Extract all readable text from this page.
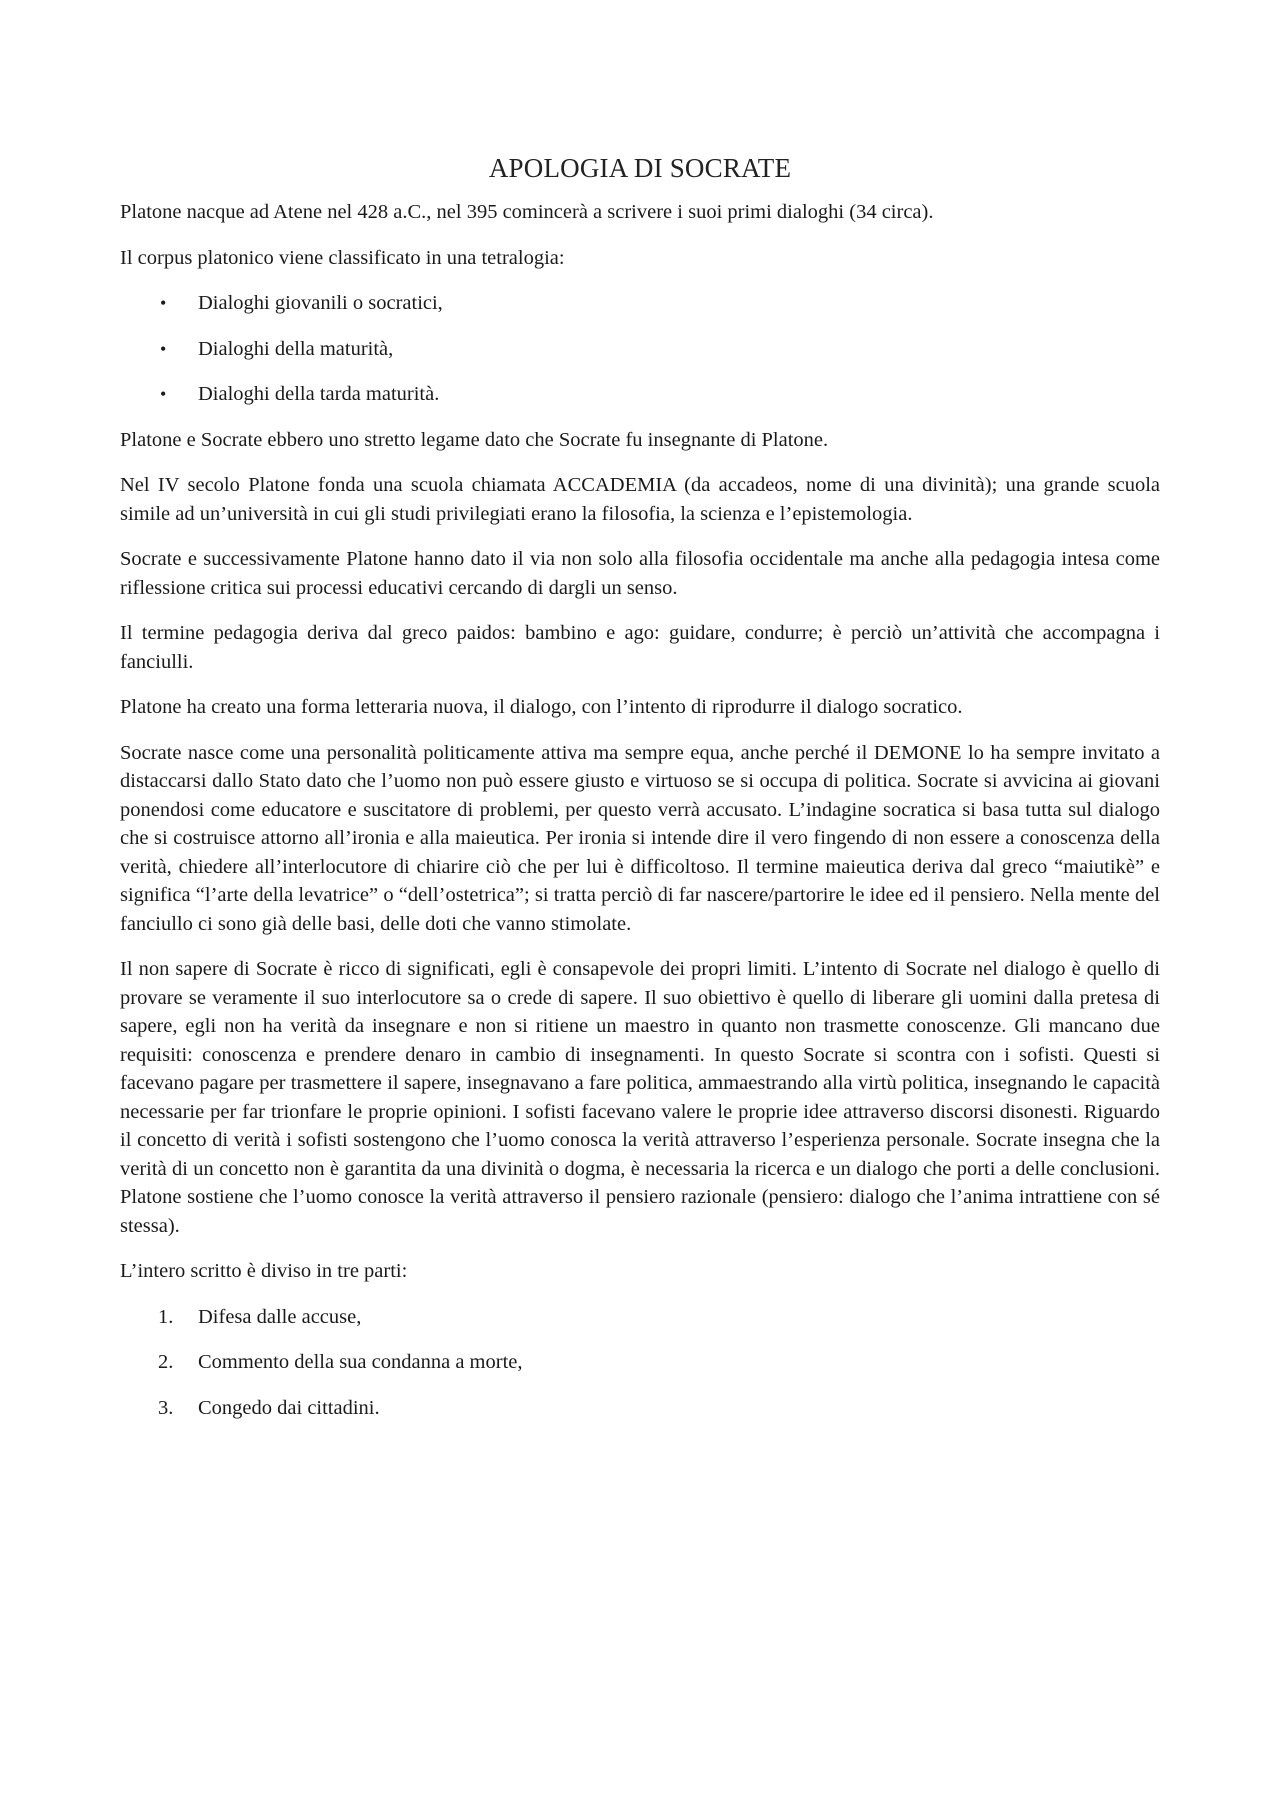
APOLOGIA DI SOCRATE

Platone nacque ad Atene nel 428 a.C., nel 395 comincerà a scrivere i suoi primi dialoghi (34 circa).

Il corpus platonico viene classificato in una tetralogia:

• Dialoghi giovanili o socratici,
• Dialoghi della maturità,
• Dialoghi della tarda maturità.

Platone e Socrate ebbero uno stretto legame dato che Socrate fu insegnante di Platone.

Nel IV secolo Platone fonda una scuola chiamata ACCADEMIA (da accadeos, nome di una divinità); una grande scuola simile ad un’università in cui gli studi privilegiati erano la filosofia, la scienza e l’epistemologia.

Socrate e successivamente Platone hanno dato il via non solo alla filosofia occidentale ma anche alla pedagogia intesa come riflessione critica sui processi educativi cercando di dargli un senso.

Il termine pedagogia deriva dal greco paidos: bambino e ago: guidare, condurre; è perciò un’attività che accompagna i fanciulli.

Platone ha creato una forma letteraria nuova, il dialogo, con l’intento di riprodurre il dialogo socratico.

Socrate nasce come una personalità politicamente attiva ma sempre equa, anche perché il DEMONE lo ha sempre invitato a distaccarsi dallo Stato dato che l’uomo non può essere giusto e virtuoso se si occupa di politica. Socrate si avvicina ai giovani ponendosi come educatore e suscitatore di problemi, per questo verrà accusato. L’indagine socratica si basa tutta sul dialogo che si costruisce attorno all’ironia e alla maieutica. Per ironia si intende dire il vero fingendo di non essere a conoscenza della verità, chiedere all’interlocutore di chiarire ciò che per lui è difficoltoso. Il termine maieutica deriva dal greco “maiutikè” e significa “l’arte della levatrice” o “dell’ostetrica”; si tratta perciò di far nascere/partorire le idee ed il pensiero. Nella mente del fanciullo ci sono già delle basi, delle doti che vanno stimolate.

Il non sapere di Socrate è ricco di significati, egli è consapevole dei propri limiti. L’intento di Socrate nel dialogo è quello di provare se veramente il suo interlocutore sa o crede di sapere. Il suo obiettivo è quello di liberare gli uomini dalla pretesa di sapere, egli non ha verità da insegnare e non si ritiene un maestro in quanto non trasmette conoscenze. Gli mancano due requisiti: conoscenza e prendere denaro in cambio di insegnamenti. In questo Socrate si scontra con i sofisti. Questi si facevano pagare per trasmettere il sapere, insegnavano a fare politica, ammaestrando alla virtù politica, insegnando le capacità necessarie per far trionfare le proprie opinioni. I sofisti facevano valere le proprie idee attraverso discorsi disonesti. Riguardo il concetto di verità i sofisti sostengono che l’uomo conosca la verità attraverso l’esperienza personale. Socrate insegna che la verità di un concetto non è garantita da una divinità o dogma, è necessaria la ricerca e un dialogo che porti a delle conclusioni. Platone sostiene che l’uomo conosce la verità attraverso il pensiero razionale (pensiero: dialogo che l’anima intrattiene con sé stessa).

L’intero scritto è diviso in tre parti:

1. Difesa dalle accuse,
2. Commento della sua condanna a morte,
3. Congedo dai cittadini.
